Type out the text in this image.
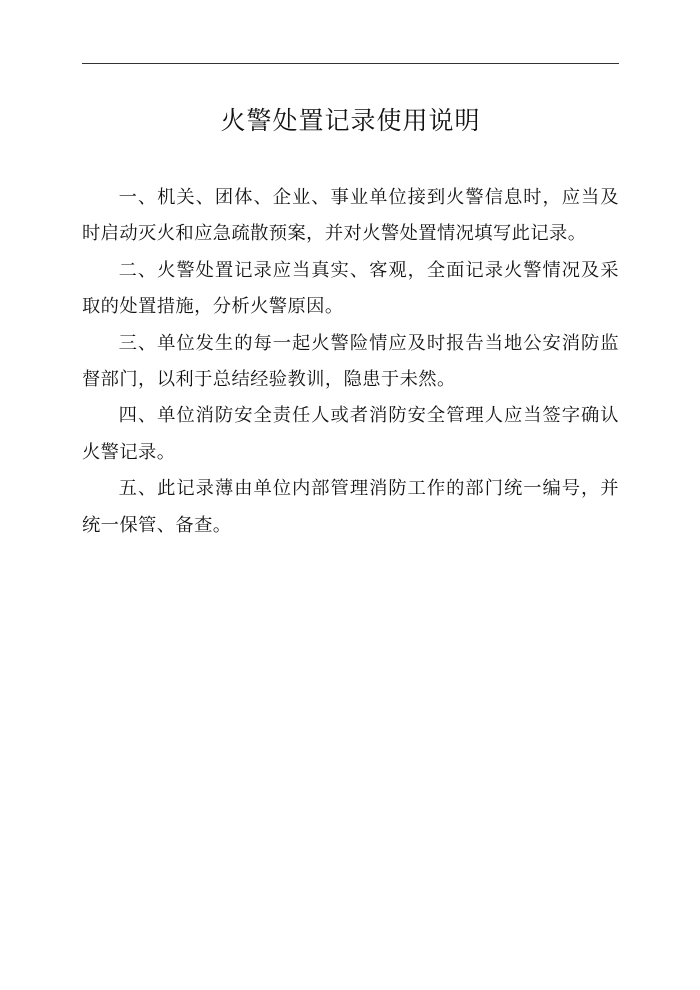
火警处置记录使用说明

一、机关、团体、企业、事业单位接到火警信息时，应当及时启动灭火和应急疏散预案，并对火警处置情况填写此记录。

二、火警处置记录应当真实、客观，全面记录火警情况及采取的处置措施，分析火警原因。

三、单位发生的每一起火警险情应及时报告当地公安消防监督部门，以利于总结经验教训，隐患于未然。

四、单位消防安全责任人或者消防安全管理人应当签字确认火警记录。

五、此记录薄由单位内部管理消防工作的部门统一编号，并统一保管、备查。
